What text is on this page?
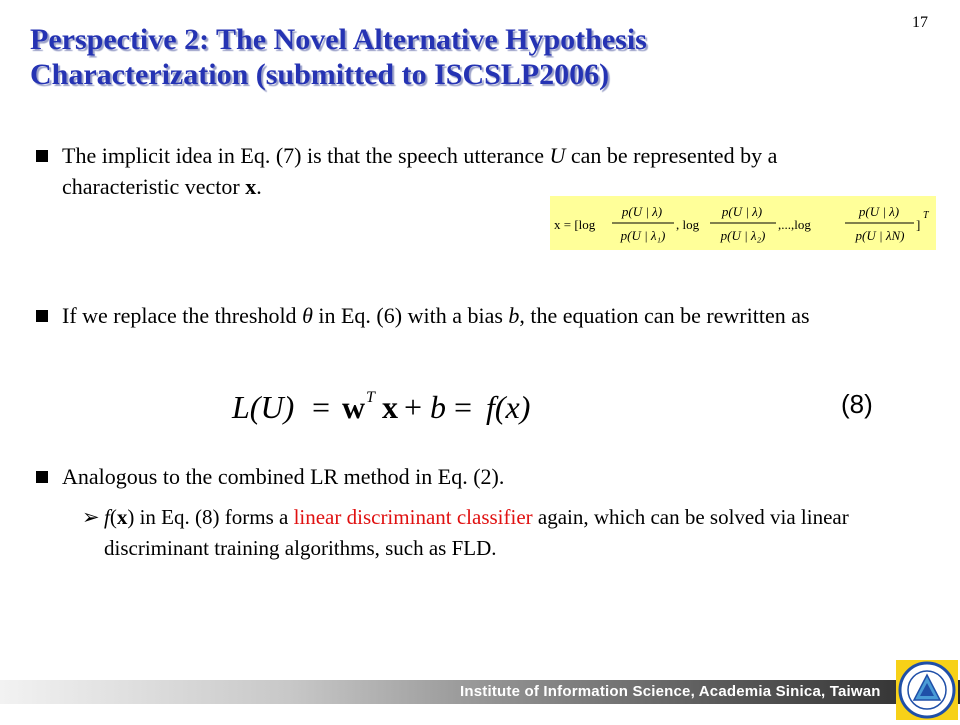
Perspective 2: The Novel Alternative Hypothesis
Characterization (submitted to ISCSLP2006)
17
The implicit idea in Eq. (7) is that the speech utterance U can be represented by a characteristic vector x.
x = [log
p(U | λ)
p(U | λ₁)
, log
p(U | λ)
p(U | λ₂)
,...,log
p(U | λ)
p(U | λN)
]
T
If we replace the threshold θ in Eq. (6) with a bias b, the equation can be rewritten as
L(U) = w T x + b = f(x)	(8)
Analogous to the combined LR method in Eq. (2).
➢ f(x) in Eq. (8) forms a linear discriminant classifier again, which can be solved via linear discriminant training algorithms, such as FLD.
Institute of Information Science, Academia Sinica, Taiwan
